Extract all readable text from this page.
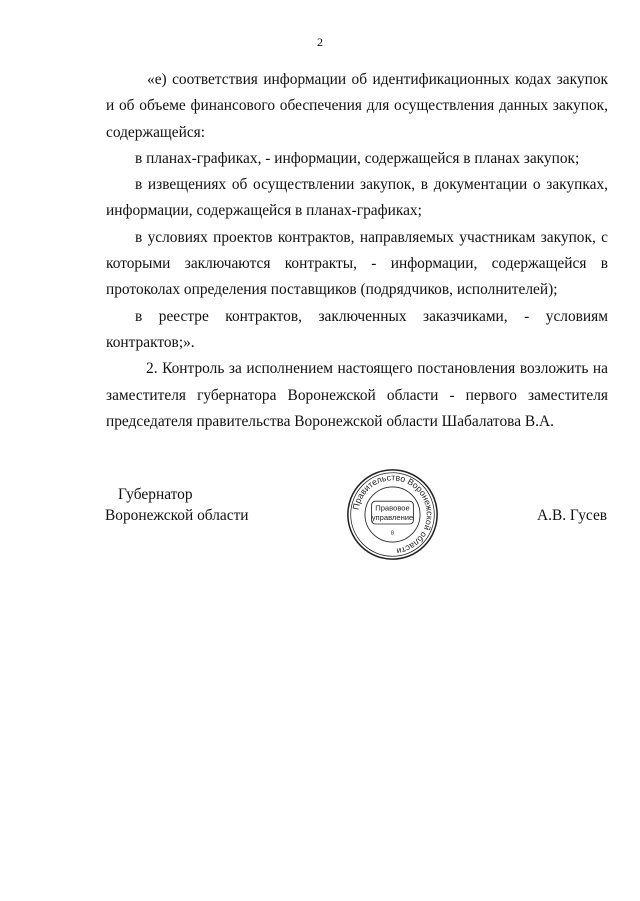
2

«е) соответствия информации об идентификационных кодах закупок и об объеме финансового обеспечения для осуществления данных закупок, содержащейся:

в планах-графиках, - информации, содержащейся в планах закупок;

в извещениях об осуществлении закупок, в документации о закупках, информации, содержащейся в планах-графиках;

в условиях проектов контрактов, направляемых участникам закупок, с которыми заключаются контракты, - информации, содержащейся в протоколах определения поставщиков (подрядчиков, исполнителей);

в реестре контрактов, заключенных заказчиками, - условиям контрактов;».

2. Контроль за исполнением настоящего постановления возложить на заместителя губернатора Воронежской области - первого заместителя председателя правительства Воронежской области Шабалатова В.А.

Губернатор
Воронежской области
Правительство Воронежской области
Правовое
управление
8
А.В. Гусев
